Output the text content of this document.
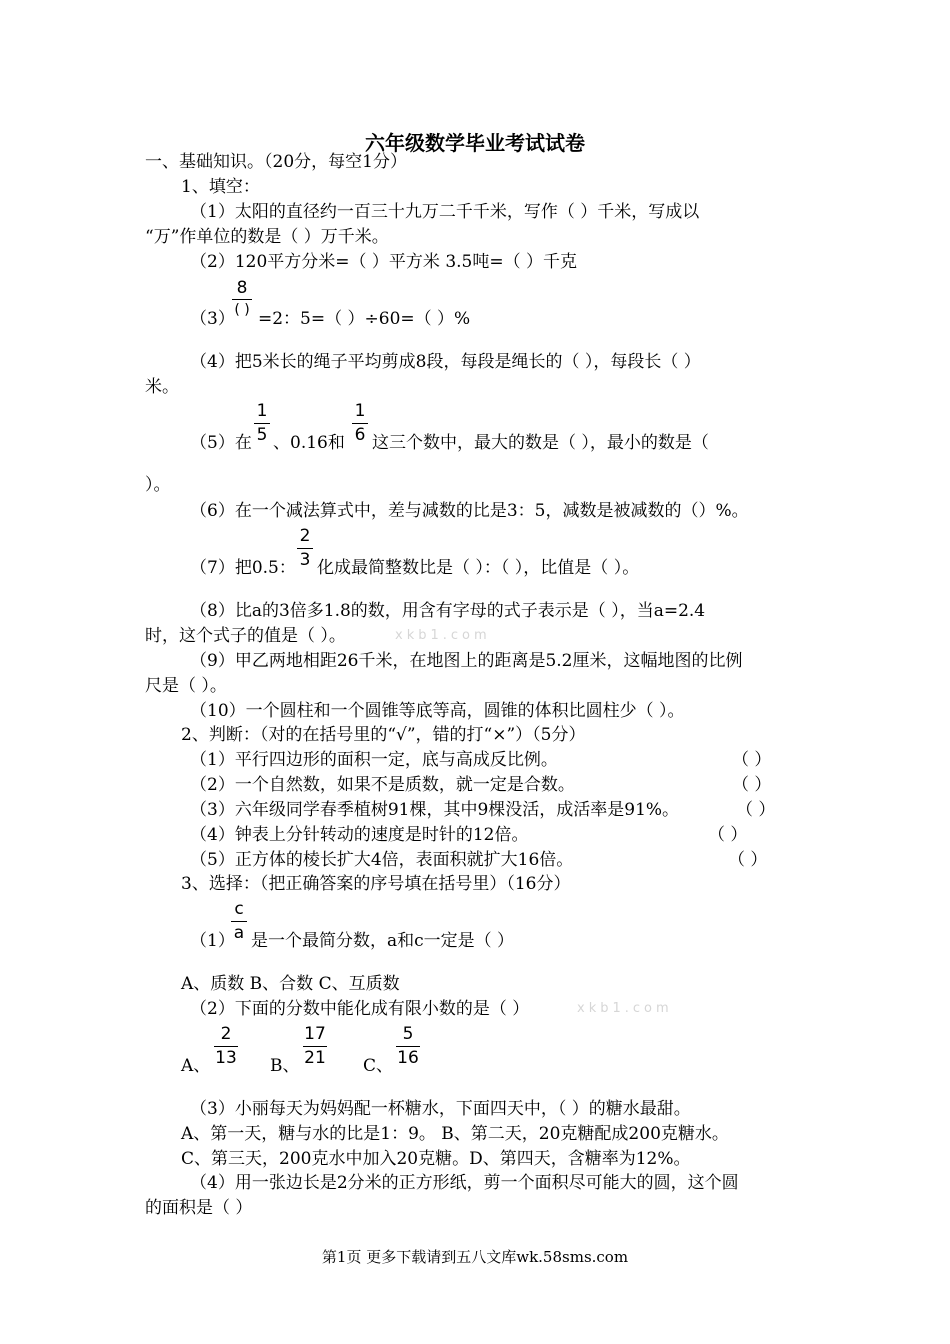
六年级数学毕业考试试卷
一、基础知识。（20分，每空1分）
1、填空：
（1）太阳的直径约一百三十九万二千千米，写作（ ）千米，写成以
“万”作单位的数是（ ）万千米。
（2）120平方分米=（ ）平方米 3.5吨=（ ）千克
（3）
8
( ) =2：5=（ ）÷60=（ ）%
（4）把5米长的绳子平均剪成8段，每段是绳长的（ ），每段长（ ）
米。
（5）在
1
5 、0.16和
1
6 这三个数中，最大的数是（ ），最小的数是（
）。
（6）在一个减法算式中，差与减数的比是3：5，减数是被减数的（）%。
（7）把0.5：
2
3 化成最简整数比是（ ）：（ ），比值是（ ）。
（8）比a的3倍多1.8的数，用含有字母的式子表示是（ ），当a=2.4
时，这个式子的值是（ ）。	xkb1.com
（9）甲乙两地相距26千米，在地图上的距离是5.2厘米，这幅地图的比例
尺是（ ）。
（10）一个圆柱和一个圆锥等底等高，圆锥的体积比圆柱少（ ）。
2、判断：（对的在括号里的“√”，错的打“×”）（5分）
（1）平行四边形的面积一定，底与高成反比例。	（ ）
（2）一个自然数，如果不是质数，就一定是合数。	（ ）
（3）六年级同学春季植树91棵，其中9棵没活，成活率是91%。	（ ）
（4）钟表上分针转动的速度是时针的12倍。	（ ）
（5）正方体的棱长扩大4倍，表面积就扩大16倍。	（ ）
3、选择：（把正确答案的序号填在括号里）（16分）
（1）
c
a 是一个最简分数，a和c一定是（ ）
A、质数 B、合数 C、互质数
（2）下面的分数中能化成有限小数的是（ ）	xkb1.com
A、
2
13 B、
17
21 C、
5
16
（3）小丽每天为妈妈配一杯糖水，下面四天中，（ ）的糖水最甜。
A、第一天，糖与水的比是1：9。 B、第二天，20克糖配成200克糖水。
C、第三天，200克水中加入20克糖。D、第四天，含糖率为12%。
（4）用一张边长是2分米的正方形纸，剪一个面积尽可能大的圆，这个圆
的面积是（ ）
第1页 更多下载请到五八文库wk.58sms.com
